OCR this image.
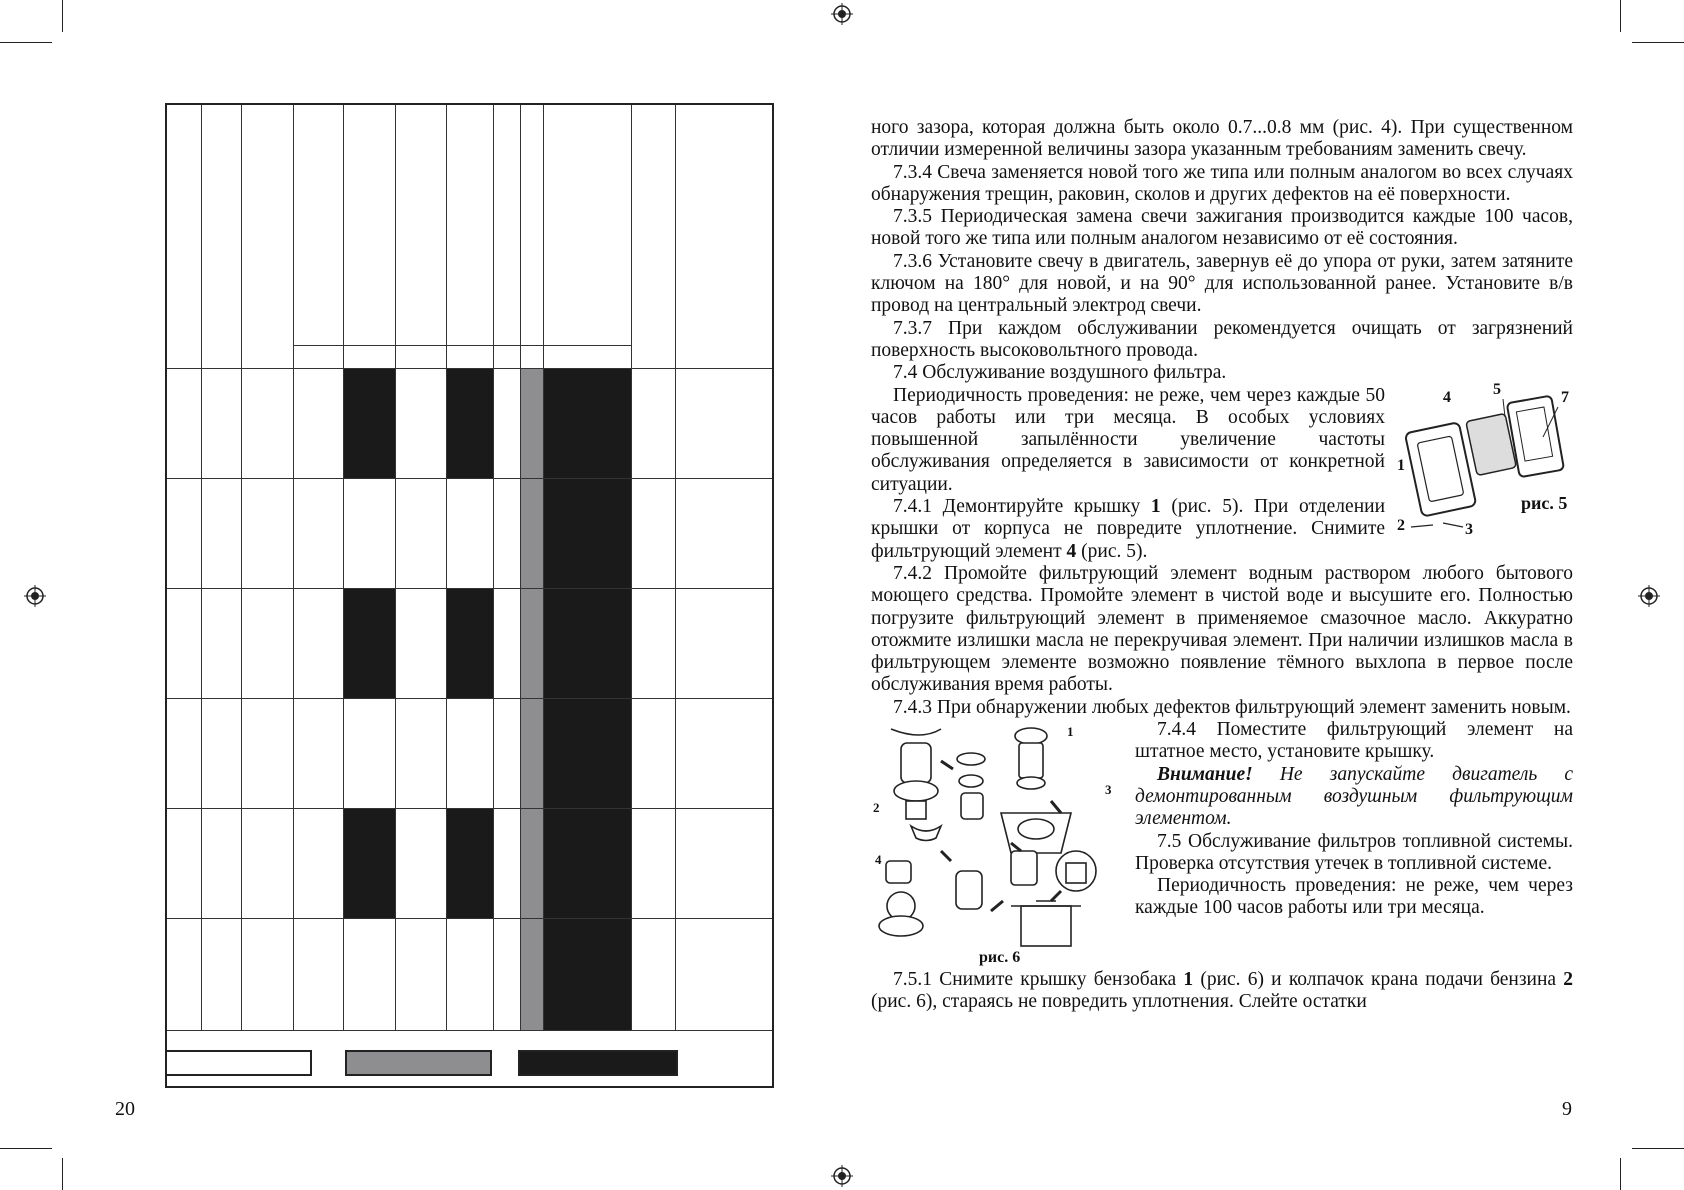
20	9

ного зазора, которая должна быть около 0.7...0.8 мм (рис. 4). При существенном отличии измеренной величины зазора указанным требованиям заменить свечу.

7.3.4 Свеча заменяется новой того же типа или полным аналогом во всех случаях обнаружения трещин, раковин, сколов и других дефектов на её поверхности.

7.3.5 Периодическая замена свечи зажигания производится каждые 100 часов, новой того же типа или полным аналогом независимо от её состояния.

7.3.6 Установите свечу в двигатель, завернув её до упора от руки, затем затяните ключом на 180° для новой, и на 90° для использованной ранее. Установите в/в провод на центральный электрод свечи.

7.3.7 При каждом обслуживании рекомендуется очищать от загрязнений поверхность высоковольтного провода.

7.4 Обслуживание воздушного фильтра.

1
2	3
4	5	7
рис. 5

Периодичность проведения: не реже, чем через каждые 50 часов работы или три месяца. В особых условиях повышенной запылённости увеличение частоты обслуживания определяется в зависимости от конкретной ситуации.

7.4.1 Демонтируйте крышку 1 (рис. 5). При отделении крышки от корпуса не повредите уплотнение. Снимите фильтрующий элемент 4 (рис. 5).

7.4.2 Промойте фильтрующий элемент водным раствором любого бытового моющего средства. Промойте элемент в чистой воде и высушите его. Полностью погрузите фильтрующий элемент в применяемое смазочное масло. Аккуратно отожмите излишки масла не перекручивая элемент. При наличии излишков масла в фильтрующем элементе возможно появление тёмного выхлопа в первое после обслуживания время работы.

7.4.3 При обнаружении любых дефектов фильтрующий элемент заменить новым.

1
2
3
4
рис. 6

7.4.4 Поместите фильтрующий элемент на штатное место, установите крышку.

Внимание! Не запускайте двигатель с демонтированным воздушным фильтрующим элементом.

7.5 Обслуживание фильтров топливной системы. Проверка отсутствия утечек в топливной системе.

Периодичность проведения: не реже, чем через каждые 100 часов работы или три месяца.

7.5.1 Снимите крышку бензобака 1 (рис. 6) и колпачок крана подачи бензина 2 (рис. 6), стараясь не повредить уплотнения. Слейте остатки
